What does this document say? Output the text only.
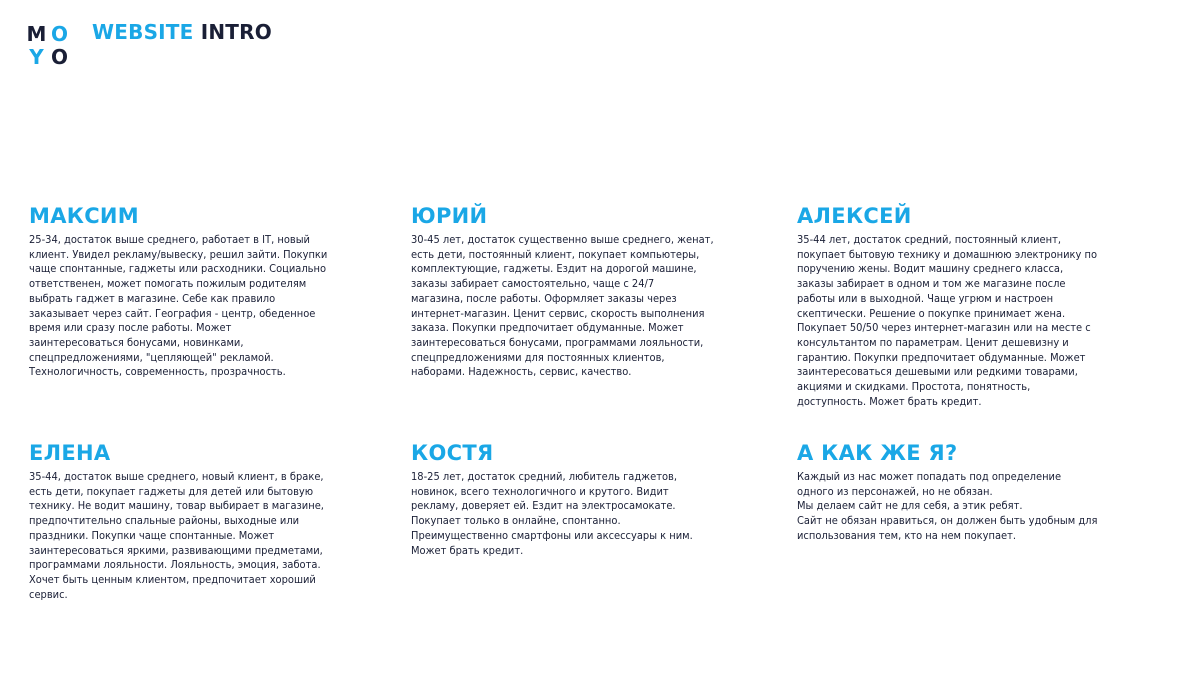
M O
Y O
WEBSITE INTRO
МАКСИМ

25-34, достаток выше среднего, работает в IT, новый
клиент. Увидел рекламу/вывеску, решил зайти. Покупки
чаще спонтанные, гаджеты или расходники. Социально
ответственен, может помогать пожилым родителям
выбрать гаджет в магазине. Себе как правило
заказывает через сайт. География - центр, обеденное
время или сразу после работы. Может
заинтересоваться бонусами, новинками,
спецпредложениями, "цепляющей" рекламой.
Технологичность, современность, прозрачность.

ЮРИЙ

30-45 лет, достаток существенно выше среднего, женат,
есть дети, постоянный клиент, покупает компьютеры,
комплектующие, гаджеты. Ездит на дорогой машине,
заказы забирает самостоятельно, чаще с 24/7
магазина, после работы. Оформляет заказы через
интернет-магазин. Ценит сервис, скорость выполнения
заказа. Покупки предпочитает обдуманные. Может
заинтересоваться бонусами, программами лояльности,
спецпредложениями для постоянных клиентов,
наборами. Надежность, сервис, качество.

АЛЕКСЕЙ

35-44 лет, достаток средний, постоянный клиент,
покупает бытовую технику и домашнюю электронику по
поручению жены. Водит машину среднего класса,
заказы забирает в одном и том же магазине после
работы или в выходной. Чаще угрюм и настроен
скептически. Решение о покупке принимает жена.
Покупает 50/50 через интернет-магазин или на месте с
консультантом по параметрам. Ценит дешевизну и
гарантию. Покупки предпочитает обдуманные. Может
заинтересоваться дешевыми или редкими товарами,
акциями и скидками. Простота, понятность,
доступность. Может брать кредит.

ЕЛЕНА

35-44, достаток выше среднего, новый клиент, в браке,
есть дети, покупает гаджеты для детей или бытовую
технику. Не водит машину, товар выбирает в магазине,
предпочтительно спальные районы, выходные или
праздники. Покупки чаще спонтанные. Может
заинтересоваться яркими, развивающими предметами,
программами лояльности. Лояльность, эмоция, забота.
Хочет быть ценным клиентом, предпочитает хороший
сервис.

КОСТЯ

18-25 лет, достаток средний, любитель гаджетов,
новинок, всего технологичного и крутого. Видит
рекламу, доверяет ей. Ездит на электросамокате.
Покупает только в онлайне, спонтанно.
Преимущественно смартфоны или аксессуары к ним.
Может брать кредит.

А КАК ЖЕ Я?

Каждый из нас может попадать под определение
одного из персонажей, но не обязан.
Мы делаем сайт не для себя, а этик ребят.
Сайт не обязан нравиться, он должен быть удобным для
использования тем, кто на нем покупает.
